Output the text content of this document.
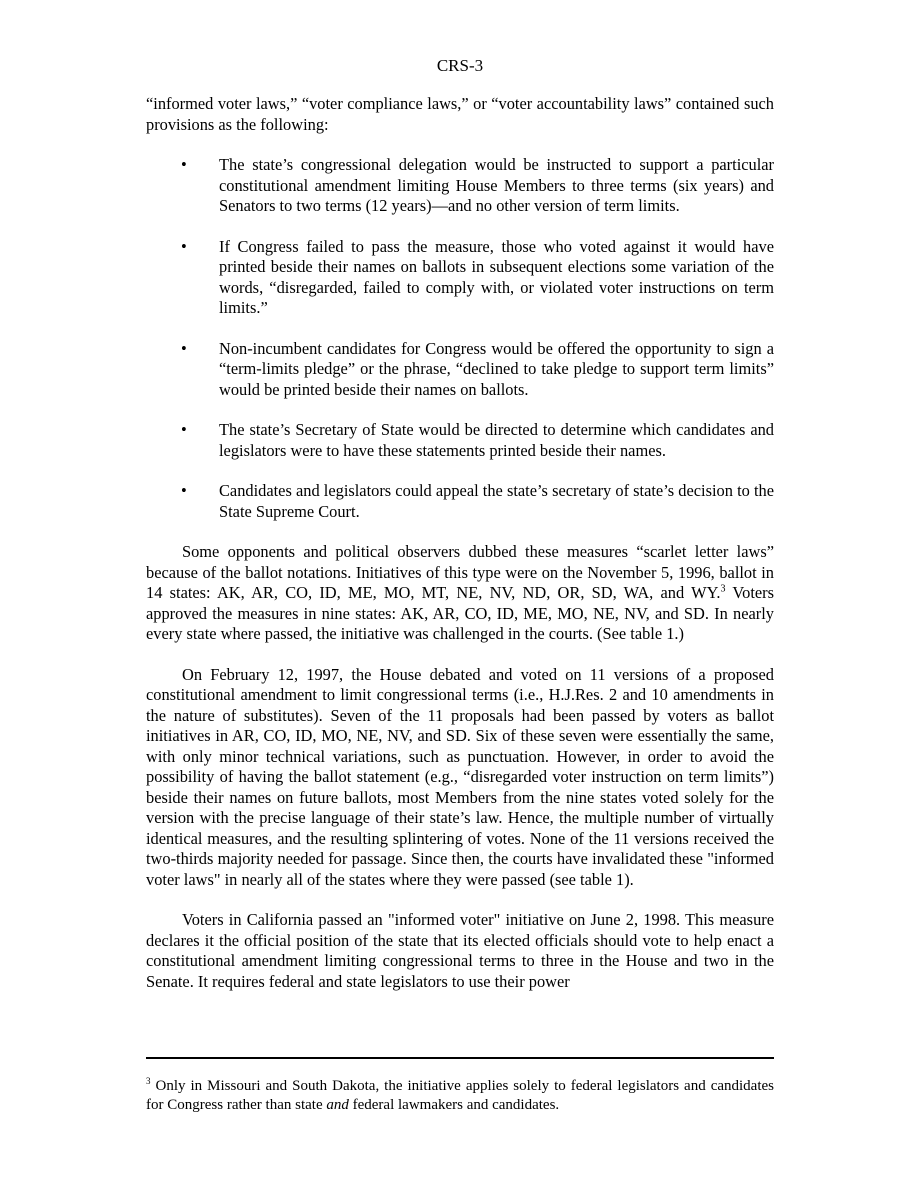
CRS-3

“informed voter laws,” “voter compliance laws,” or “voter accountability laws” contained such provisions as the following:

• The state’s congressional delegation would be instructed to support a particular constitutional amendment limiting House Members to three terms (six years) and Senators to two terms (12 years)—and no other version of term limits.
• If Congress failed to pass the measure, those who voted against it would have printed beside their names on ballots in subsequent elections some variation of the words, “disregarded, failed to comply with, or violated voter instructions on term limits.”
• Non-incumbent candidates for Congress would be offered the opportunity to sign a “term-limits pledge” or the phrase, “declined to take pledge to support term limits” would be printed beside their names on ballots.
• The state’s Secretary of State would be directed to determine which candidates and legislators were to have these statements printed beside their names.
• Candidates and legislators could appeal the state’s secretary of state’s decision to the State Supreme Court.

Some opponents and political observers dubbed these measures “scarlet letter laws” because of the ballot notations. Initiatives of this type were on the November 5, 1996, ballot in 14 states: AK, AR, CO, ID, ME, MO, MT, NE, NV, ND, OR, SD, WA, and WY.$^3$ Voters approved the measures in nine states: AK, AR, CO, ID, ME, MO, NE, NV, and SD. In nearly every state where passed, the initiative was challenged in the courts. (See table 1.)

On February 12, 1997, the House debated and voted on 11 versions of a proposed constitutional amendment to limit congressional terms (i.e., H.J.Res. 2 and 10 amendments in the nature of substitutes). Seven of the 11 proposals had been passed by voters as ballot initiatives in AR, CO, ID, MO, NE, NV, and SD. Six of these seven were essentially the same, with only minor technical variations, such as punctuation. However, in order to avoid the possibility of having the ballot statement (e.g., “disregarded voter instruction on term limits”) beside their names on future ballots, most Members from the nine states voted solely for the version with the precise language of their state’s law. Hence, the multiple number of virtually identical measures, and the resulting splintering of votes. None of the 11 versions received the two-thirds majority needed for passage. Since then, the courts have invalidated these "informed voter laws" in nearly all of the states where they were passed (see table 1).

Voters in California passed an "informed voter" initiative on June 2, 1998. This measure declares it the official position of the state that its elected officials should vote to help enact a constitutional amendment limiting congressional terms to three in the House and two in the Senate. It requires federal and state legislators to use their power

$^3$ Only in Missouri and South Dakota, the initiative applies solely to federal legislators and candidates for Congress rather than state and federal lawmakers and candidates.
